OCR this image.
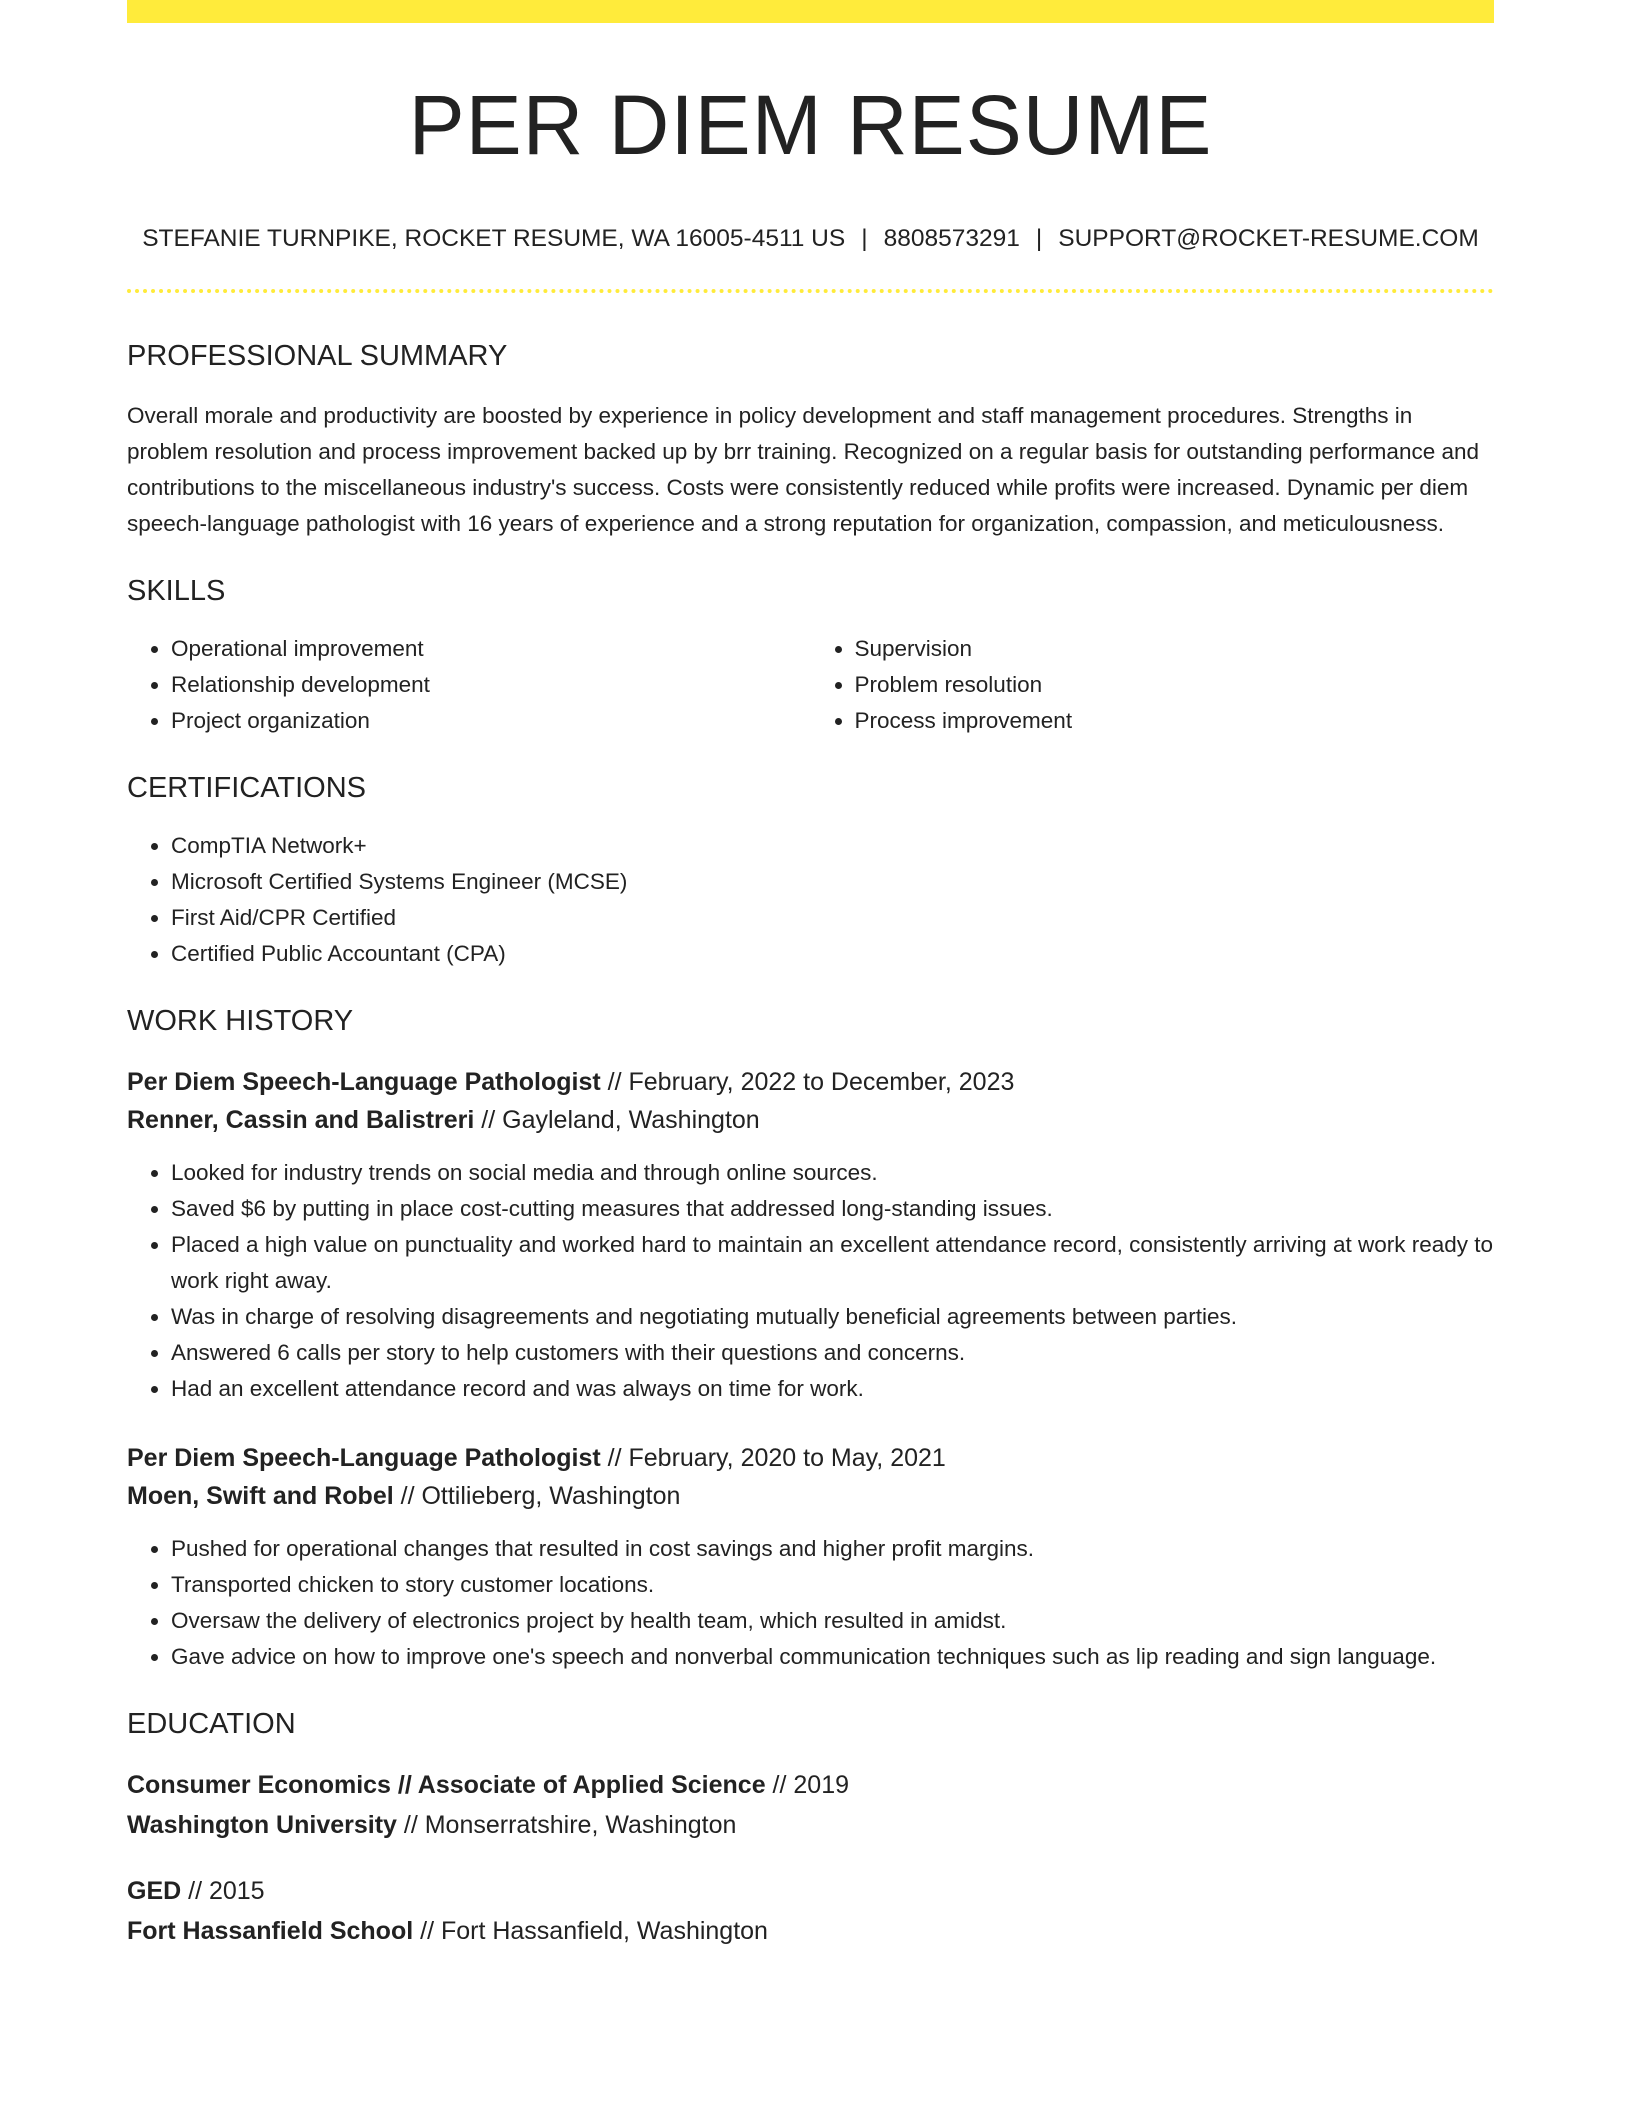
PER DIEM RESUME
STEFANIE TURNPIKE, ROCKET RESUME, WA 16005-4511 US | 8808573291 | SUPPORT@ROCKET-RESUME.COM
PROFESSIONAL SUMMARY
Overall morale and productivity are boosted by experience in policy development and staff management procedures. Strengths in problem resolution and process improvement backed up by brr training. Recognized on a regular basis for outstanding performance and contributions to the miscellaneous industry's success. Costs were consistently reduced while profits were increased. Dynamic per diem speech-language pathologist with 16 years of experience and a strong reputation for organization, compassion, and meticulousness.
SKILLS
• Operational improvement
• Relationship development
• Project organization
• Supervision
• Problem resolution
• Process improvement
CERTIFICATIONS
• CompTIA Network+
• Microsoft Certified Systems Engineer (MCSE)
• First Aid/CPR Certified
• Certified Public Accountant (CPA)
WORK HISTORY
Per Diem Speech-Language Pathologist // February, 2022 to December, 2023
Renner, Cassin and Balistreri // Gayleland, Washington
• Looked for industry trends on social media and through online sources.
• Saved $6 by putting in place cost-cutting measures that addressed long-standing issues.
• Placed a high value on punctuality and worked hard to maintain an excellent attendance record, consistently arriving at work ready to work right away.
• Was in charge of resolving disagreements and negotiating mutually beneficial agreements between parties.
• Answered 6 calls per story to help customers with their questions and concerns.
• Had an excellent attendance record and was always on time for work.
Per Diem Speech-Language Pathologist // February, 2020 to May, 2021
Moen, Swift and Robel // Ottilieberg, Washington
• Pushed for operational changes that resulted in cost savings and higher profit margins.
• Transported chicken to story customer locations.
• Oversaw the delivery of electronics project by health team, which resulted in amidst.
• Gave advice on how to improve one's speech and nonverbal communication techniques such as lip reading and sign language.
EDUCATION
Consumer Economics // Associate of Applied Science // 2019
Washington University // Monserratshire, Washington
GED // 2015
Fort Hassanfield School // Fort Hassanfield, Washington
